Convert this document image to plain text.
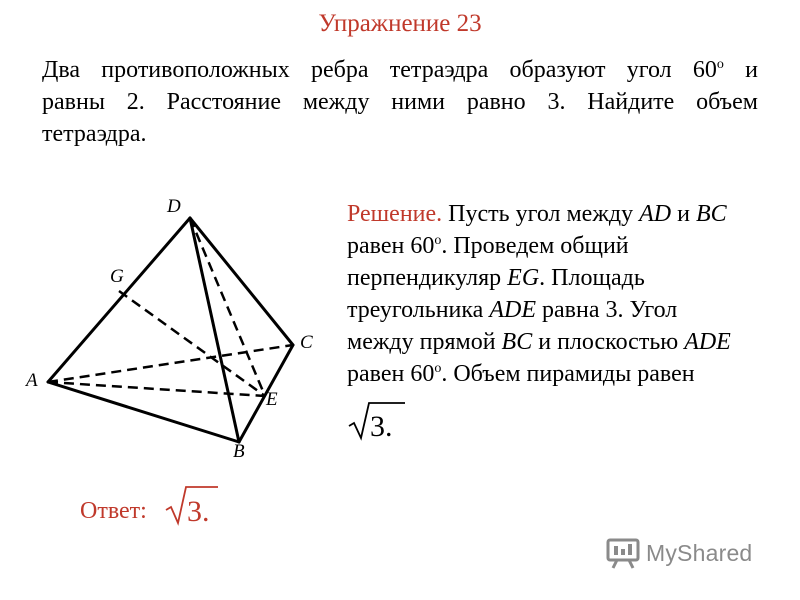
Упражнение 23
Два противоположных ребра тетраэдра образуют угол $60^о$ и
равны 2. Расстояние между ними равно 3. Найдите объем
тетраэдра.
D
G
C
A
E
B
Решение. Пусть угол между AD и BC
равен $60^о$. Проведем общий
перпендикуляр EG. Площадь
треугольника ADE равна 3. Угол
между прямой BC и плоскостью ADE
равен $60^о$. Объем пирамиды равен
3.
Ответ: 3.
MyShared
